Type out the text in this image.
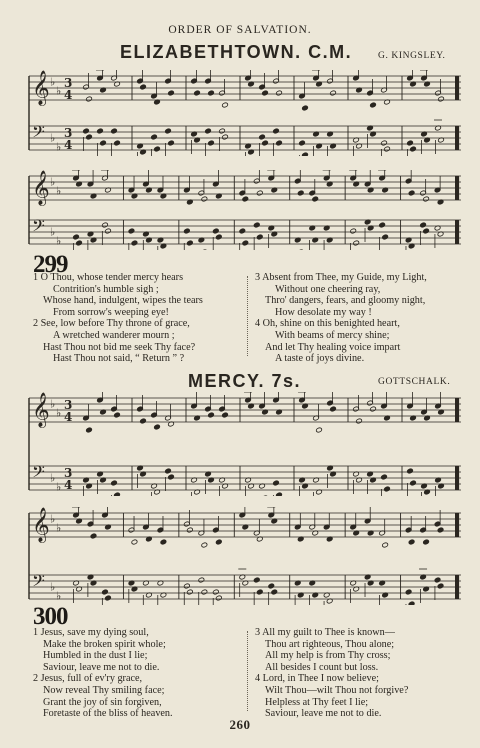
ORDER OF SALVATION.
ELIZABETHTOWN. C.M.	G. KINGSLEY.
𝄞 ♭
♭
3
4
𝄢 ♭
♭
3
4
𝄞 ♭
♭
𝄢 ♭
♭
299
1 O Thou, whose tender mercy hears
Contrition's humble sigh ;
Whose hand, indulgent, wipes the tears
From sorrow's weeping eye!
2 See, low before Thy throne of grace,
A wretched wanderer mourn ;
Hast Thou not bid me seek Thy face?
Hast Thou not said, “ Return ” ?
3 Absent from Thee, my Guide, my Light,
Without one cheering ray,
Thro' dangers, fears, and gloomy night,
How desolate my way !
4 Oh, shine on this benighted heart,
With beams of mercy shine;
And let Thy healing voice impart
A taste of joys divine.
MERCY. 7s.	GOTTSCHALK.
𝄞 ♭
♭
3
4
𝄢 ♭
♭
3
4
𝄞 ♭
♭
𝄢 ♭
♭
300
1 Jesus, save my dying soul,
Make the broken spirit whole;
Humbled in the dust I lie;
Saviour, leave me not to die.
2 Jesus, full of ev'ry grace,
Now reveal Thy smiling face;
Grant the joy of sin forgiven,
Foretaste of the bliss of heaven.
3 All my guilt to Thee is known—
Thou art righteous, Thou alone;
All my help is from Thy cross;
All besides I count but loss.
4 Lord, in Thee I now believe;
Wilt Thou—wilt Thou not forgive?
Helpless at Thy feet I lie;
Saviour, leave me not to die.
260
